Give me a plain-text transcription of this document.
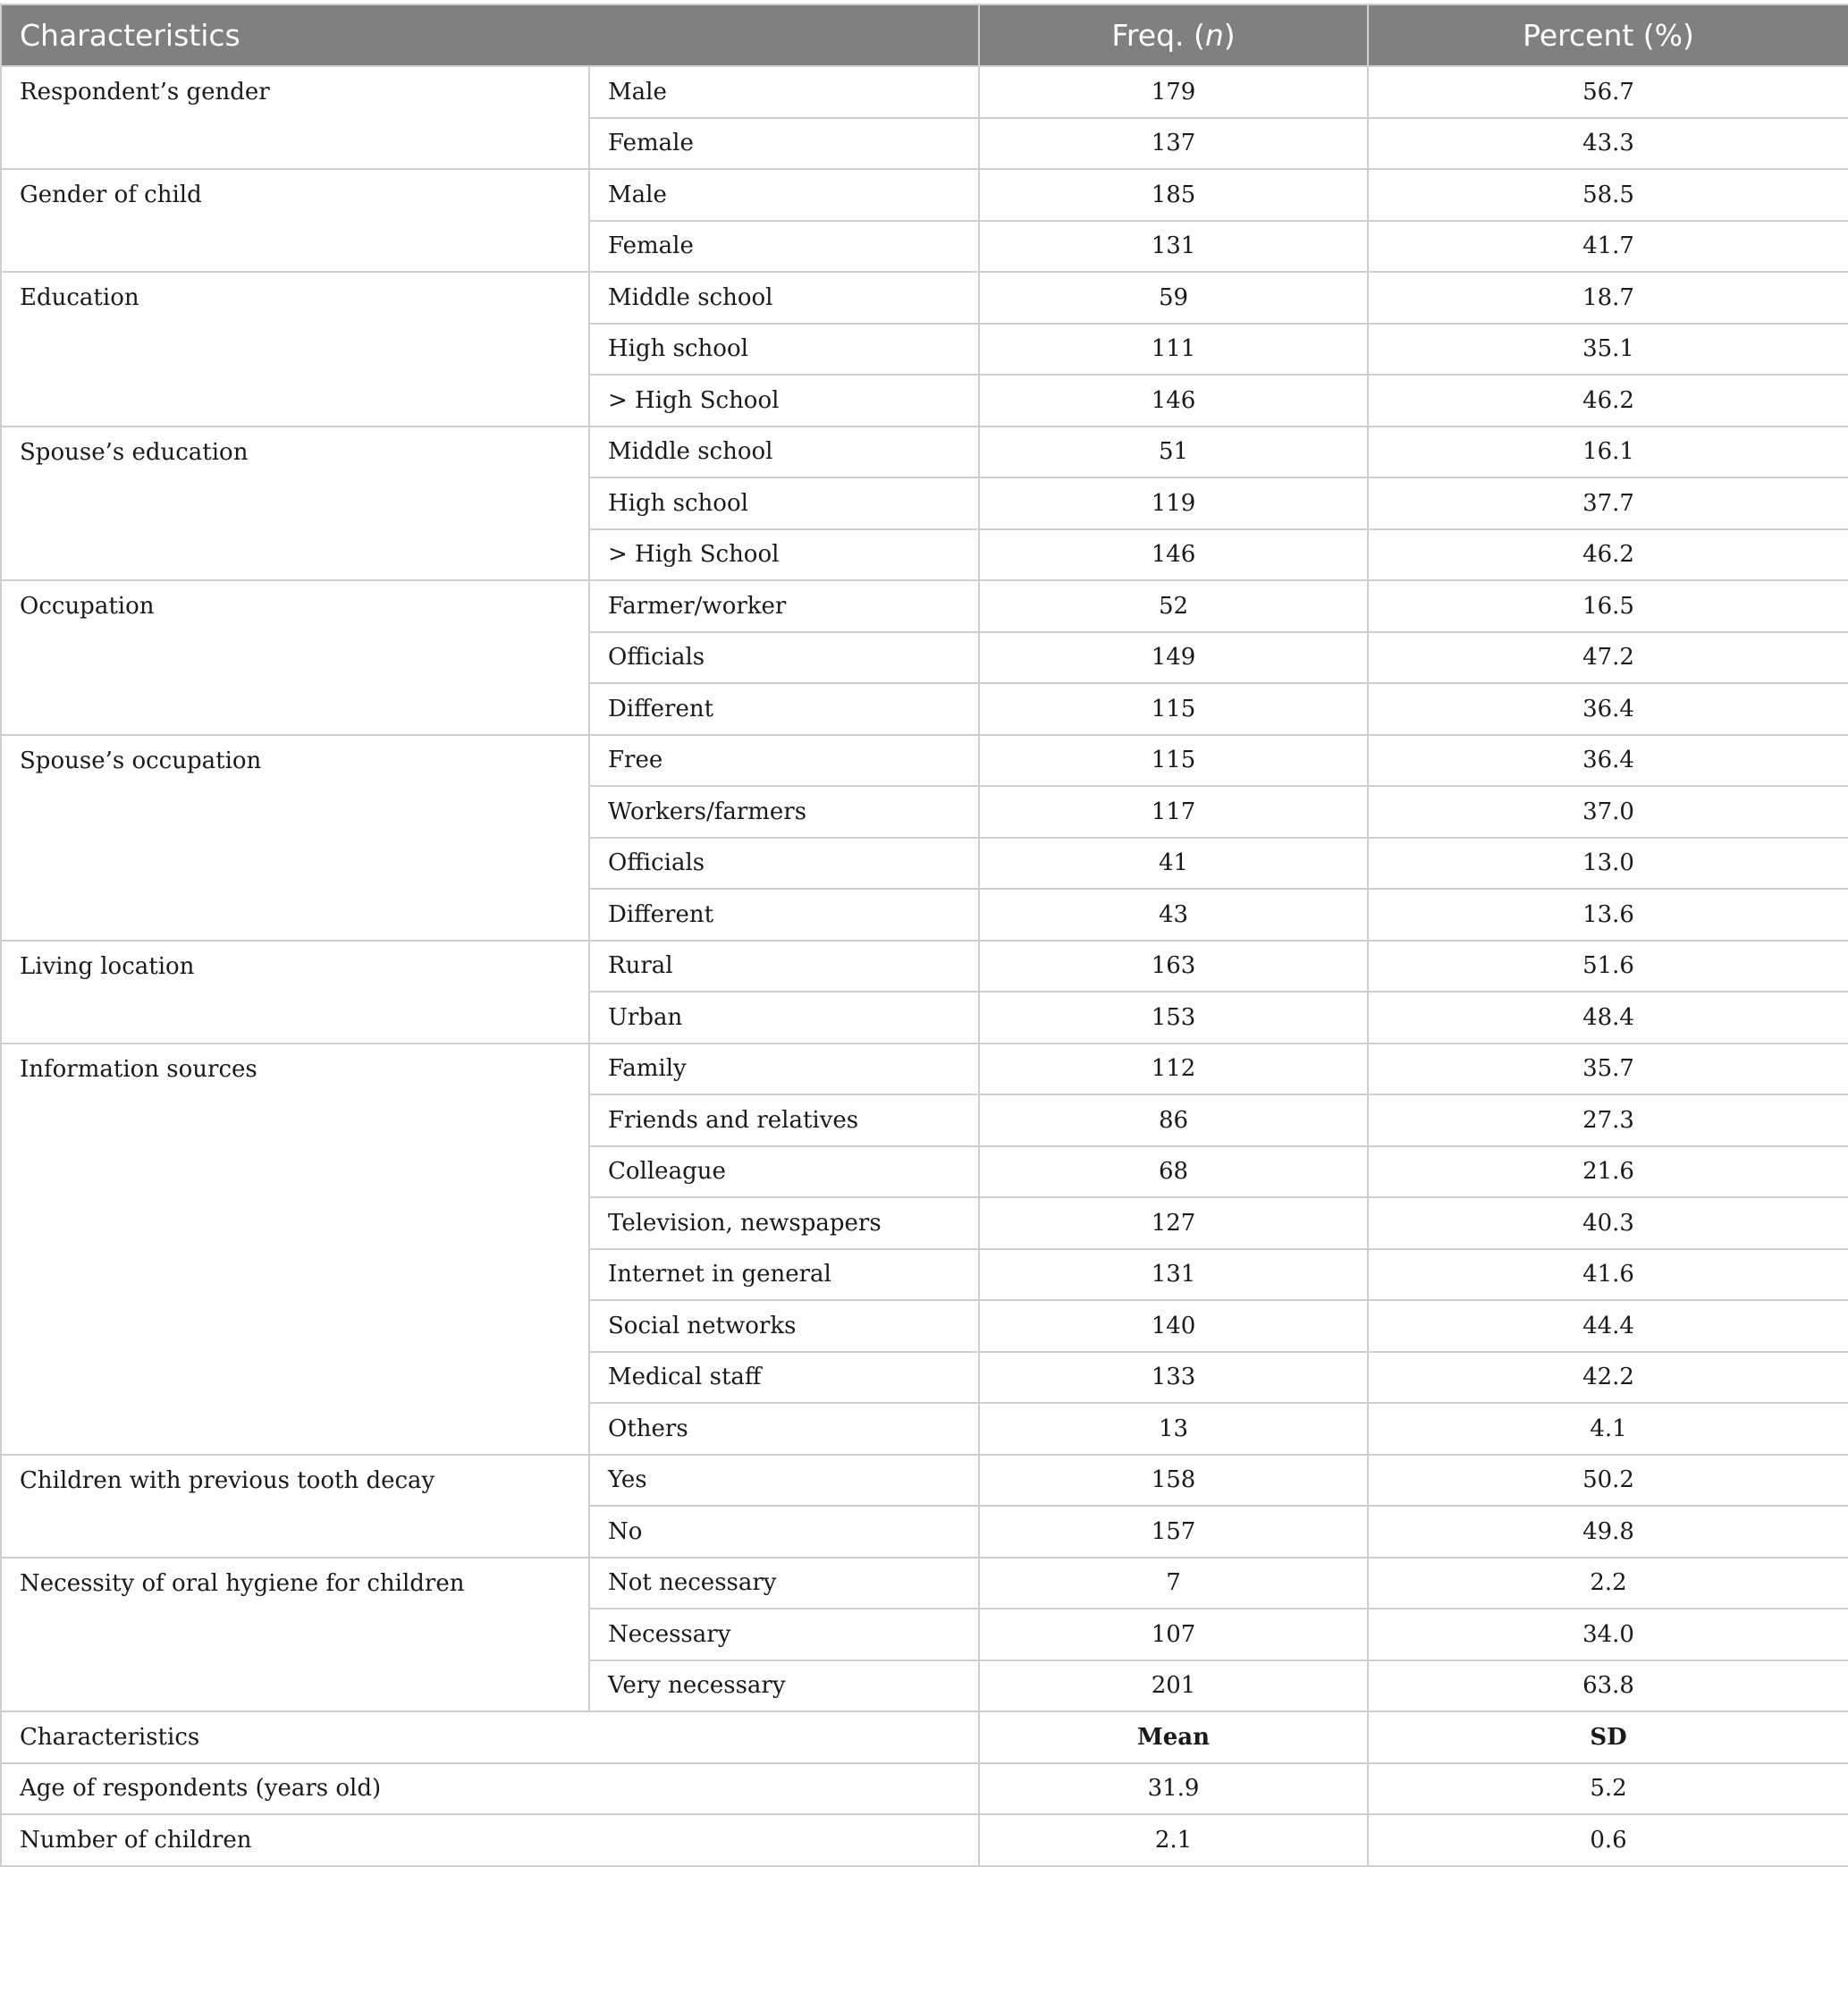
Characteristics		Freq. (n)	Percent (%)
Respondent’s gender	Male	179	56.7
	Female	137	43.3
Gender of child	Male	185	58.5
	Female	131	41.7
Education	Middle school	59	18.7
	High school	111	35.1
	> High School	146	46.2
Spouse’s education	Middle school	51	16.1
	High school	119	37.7
	> High School	146	46.2
Occupation	Farmer/worker	52	16.5
	Officials	149	47.2
	Different	115	36.4
Spouse’s occupation	Free	115	36.4
	Workers/farmers	117	37.0
	Officials	41	13.0
	Different	43	13.6
Living location	Rural	163	51.6
	Urban	153	48.4
Information sources	Family	112	35.7
	Friends and relatives	86	27.3
	Colleague	68	21.6
	Television, newspapers	127	40.3
	Internet in general	131	41.6
	Social networks	140	44.4
	Medical staff	133	42.2
	Others	13	4.1
Children with previous tooth decay	Yes	158	50.2
	No	157	49.8
Necessity of oral hygiene for children	Not necessary	7	2.2
	Necessary	107	34.0
	Very necessary	201	63.8
Characteristics		Mean	SD
Age of respondents (years old)		31.9	5.2
Number of children		2.1	0.6
